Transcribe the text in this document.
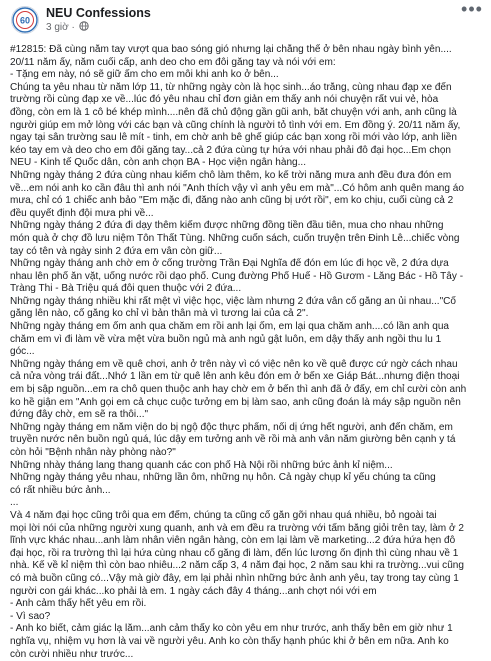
60
NEU Confessions
3 giờ ·
•••

#12815: Đã cùng nắm tay vượt qua bao sóng gió nhưng lại chẳng thể ở bên nhau ngày bình yên....

20/11 năm ấy, năm cuối cấp, anh deo cho em đôi găng tay và nói với em:

- Tặng em này, nó sẽ giữ ấm cho em mỗi khi anh ko ở bên...

Chúng ta yêu nhau từ năm lớp 11, từ những ngày còn là học sinh...áo trắng, cùng nhau đạp xe đến

trường rồi cùng đạp xe về...lúc đó yêu nhau chỉ đơn giản em thấy anh nói chuyện rất vui vẻ, hòa

đồng, còn em là 1 cô bé khép mình....nên đã chủ động gần gũi anh, bắt chuyện với anh, anh cũng là

người giúp em mở lòng với các bạn và cũng chính là người tỏ tình với em. Em đồng ý. 20/11 năm ấy,

ngay tại sân trường sau lễ mít - tinh, em chờ anh bê ghế giúp các bạn xong rồi mới vào lớp, anh liền

kéo tay em và deo cho em đôi găng tay...cả 2 đứa cùng tự hứa với nhau phải đỗ đại học...Em chọn

NEU - Kinh tế Quốc dân, còn anh chọn BA - Học viện ngân hàng...

Những ngày tháng 2 đứa cùng nhau kiếm chỗ làm thêm, ko kể trời nắng mưa anh đều đưa đón em

về...em nói anh ko cần đâu thì anh nói "Anh thích vậy vì anh yêu em mà"...Có hôm anh quên mang áo

mưa, chỉ có 1 chiếc anh bảo "Em mặc đi, đằng nào anh cũng bị ướt rồi", em ko chịu, cuối cùng cả 2

đều quyết định đội mưa phi về...

Những ngày tháng 2 đứa đi dạy thêm kiếm được những đồng tiền đầu tiên, mua cho nhau những

món quà ở chợ đồ lưu niệm Tôn Thất Tùng. Những cuốn sách, cuốn truyện trên Đinh Lễ...chiếc vòng

tay có tên và ngày sinh 2 đứa em vẫn còn giữ...

Những ngày tháng anh chờ em ở cổng trường Trần Đại Nghĩa để đón em lúc đi học về, 2 đứa dựa

nhau lên phố ăn vặt, uống nước rồi dạo phố. Cung đường Phố Huế - Hồ Gươm - Lăng Bác - Hồ Tây -

Tràng Thi - Bà Triệu quá đỗi quen thuộc với 2 đứa...

Những ngày tháng nhiều khi rất mệt vì việc học, việc làm nhưng 2 đứa vẫn cố gắng an ủi nhau..."Cố

gắng lên nào, cố gắng ko chỉ vì bản thân mà vì tương lai của cả 2".

Những ngày tháng em ốm anh qua chăm em rồi anh lại ốm, em lại qua chăm anh....có lần anh qua

chăm em vì đi làm về vừa mệt vừa buồn ngủ mà anh ngủ gật luôn, em dậy thấy anh ngồi thu lu 1

góc...

Những ngày tháng em về quê chơi, anh ở trên này vì có việc nên ko về quê được cứ ngờ cách nhau

cả nửa vòng trái đất...Nhớ 1 lần em từ quê lên anh kêu đón em ở bến xe Giáp Bát...nhưng điện thoại

em bị sập nguồn...em ra chỗ quen thuộc anh hay chờ em ở bến thì anh đã ở đấy, em chỉ cười còn anh

ko hề giận em "Anh gọi em cả chục cuộc tưởng em bị làm sao, anh cũng đoán là máy sập nguồn nên

đứng đây chờ, em sẽ ra thôi..."

Những ngày tháng em nằm viện do bị ngộ độc thực phẩm, nổi dị ứng hết người, anh đến chăm, em

truyền nước nên buồn ngủ quá, lúc dậy em tưởng anh về rồi mà anh vẫn nằm giường bên cạnh y tá

còn hỏi "Bệnh nhân này phòng nào?"

Những nhày tháng lang thang quanh các con phố Hà Nội rồi những bức ảnh kỉ niệm...

Những ngày tháng yêu nhau, những lần ôm, những nụ hôn. Cả ngày chụp kỉ yếu chúng ta cũng

có rất nhiều bức ảnh...

...

Và 4 năm đại học cũng trôi qua em đếm, chúng ta cũng cố gắn gỡi nhau quá nhiều, bỏ ngoài tai

mọi lời nói của những người xung quanh, anh và em đều ra trường với tấm bằng giỏi trên tay, làm ở 2

lĩnh vực khác nhau...anh làm nhân viên ngân hàng, còn em lại làm về marketing...2 đứa hứa hẹn đỗ

đại học, rồi ra trường thì lại hứa cùng nhau cố gắng đi làm, đến lúc lương ổn định thì cùng nhau về 1

nhà. Kể về kỉ niệm thì còn bao nhiêu...2 năm cấp 3, 4 năm đại học, 2 năm sau khi ra trường...vui cũng

có mà buồn cũng có...Vậy mà giờ đây, em lại phải nhìn những bức ảnh anh yêu, tay trong tay cùng 1

người con gái khác...ko phải là em. 1 ngày cách đây 4 tháng...anh chợt nói với em

- Anh cảm thấy hết yêu em rồi.

- Vì sao?

- Anh ko biết, cảm giác lạ lắm...anh cảm thấy ko còn yêu em như trước, anh thấy bên em giờ như 1

nghĩa vụ, nhiệm vụ hơn là vai về người yêu. Anh ko còn thấy hạnh phúc khi ở bên em nữa. Anh ko

còn cười nhiều như trước...
